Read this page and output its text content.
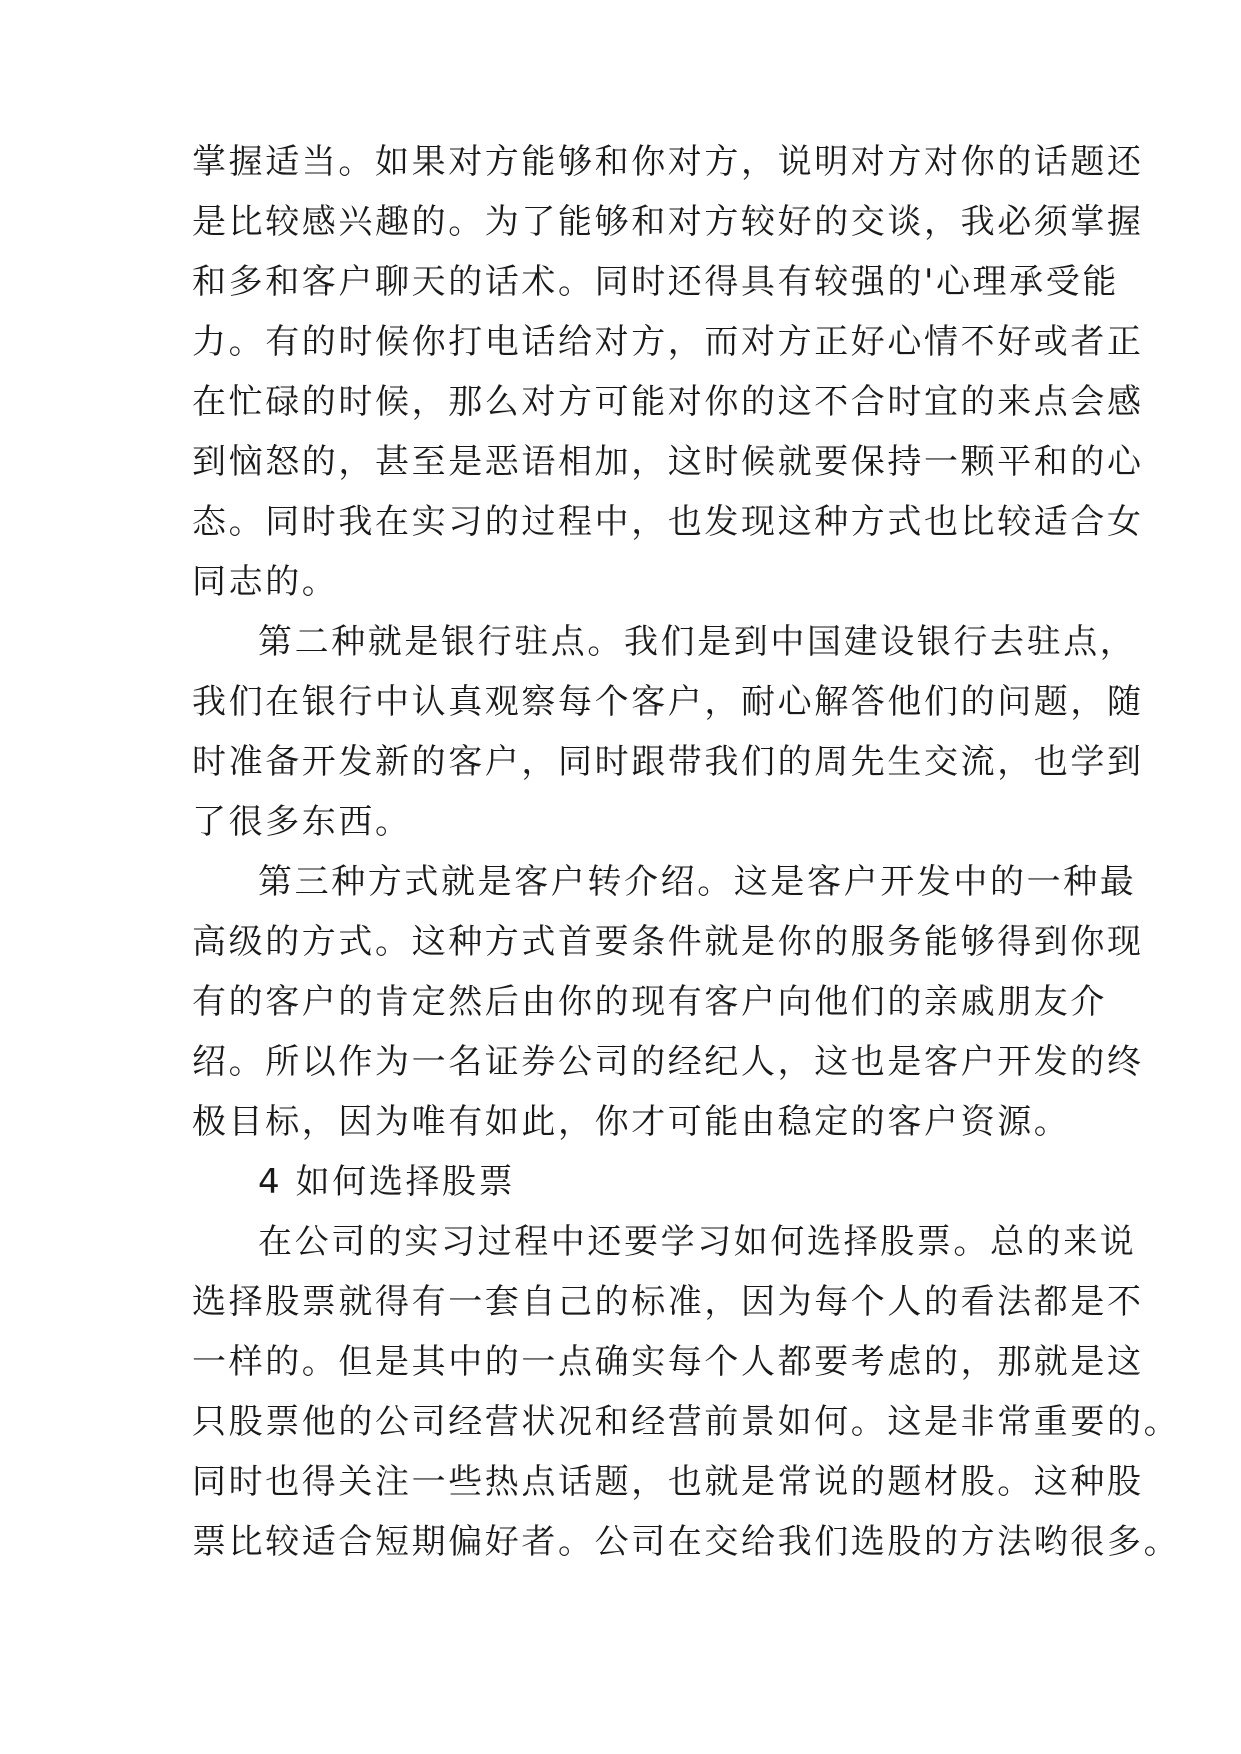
掌握适当。如果对方能够和你对方，说明对方对你的话题还
是比较感兴趣的。为了能够和对方较好的交谈，我必须掌握
和多和客户聊天的话术。同时还得具有较强的'心理承受能
力。有的时候你打电话给对方，而对方正好心情不好或者正
在忙碌的时候，那么对方可能对你的这不合时宜的来点会感
到恼怒的，甚至是恶语相加，这时候就要保持一颗平和的心
态。同时我在实习的过程中，也发现这种方式也比较适合女
同志的。
第二种就是银行驻点。我们是到中国建设银行去驻点，
我们在银行中认真观察每个客户，耐心解答他们的问题，随
时准备开发新的客户，同时跟带我们的周先生交流，也学到
了很多东西。
第三种方式就是客户转介绍。这是客户开发中的一种最
高级的方式。这种方式首要条件就是你的服务能够得到你现
有的客户的肯定然后由你的现有客户向他们的亲戚朋友介
绍。所以作为一名证券公司的经纪人，这也是客户开发的终
极目标，因为唯有如此，你才可能由稳定的客户资源。
4 如何选择股票
在公司的实习过程中还要学习如何选择股票。总的来说
选择股票就得有一套自己的标准，因为每个人的看法都是不
一样的。但是其中的一点确实每个人都要考虑的，那就是这
只股票他的公司经营状况和经营前景如何。这是非常重要的。
同时也得关注一些热点话题，也就是常说的题材股。这种股
票比较适合短期偏好者。公司在交给我们选股的方法哟很多。
